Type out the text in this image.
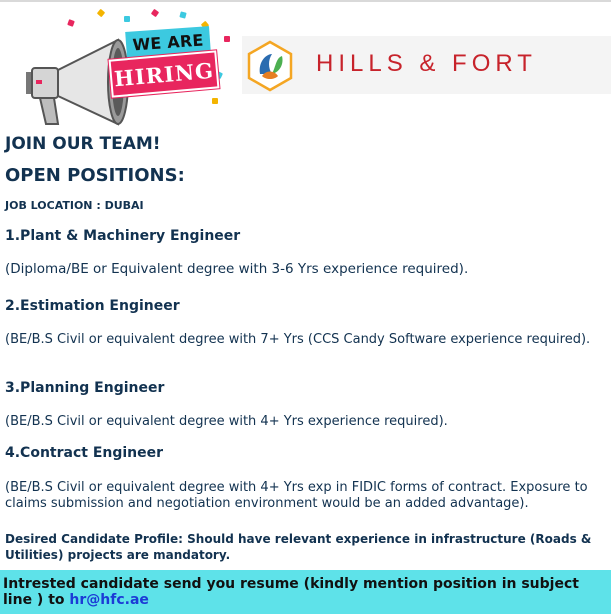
WE ARE
HIRING	HILLS & FORT
JOIN OUR TEAM!
OPEN POSITIONS:

JOB LOCATION : DUBAI

1.Plant & Machinery Engineer

(Diploma/BE or Equivalent degree with 3-6 Yrs experience required).

2.Estimation Engineer

(BE/B.S Civil or equivalent degree with 7+ Yrs (CCS Candy Software experience required).

3.Planning Engineer

(BE/B.S Civil or equivalent degree with 4+ Yrs experience required).

4.Contract Engineer

(BE/B.S Civil or equivalent degree with 4+ Yrs exp in FIDIC forms of contract. Exposure to claims submission and negotiation environment would be an added advantage).

Desired Candidate Profile: Should have relevant experience in infrastructure (Roads & Utilities) projects are mandatory.

Intrested candidate send you resume (kindly mention position in subject line ) to hr@hfc.ae
